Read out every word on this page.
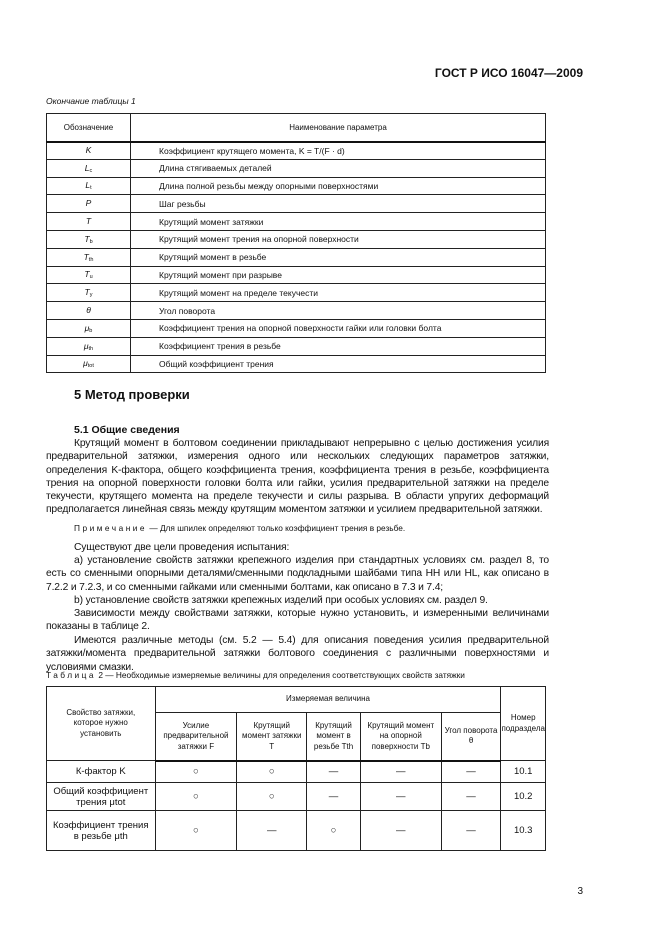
ГОСТ Р ИСО 16047—2009
Окончание таблицы 1
Обозначение	Наименование параметра
K	Коэффициент крутящего момента, K = T/(F · d)
Lc	Длина стягиваемых деталей
Lt	Длина полной резьбы между опорными поверхностями
P	Шаг резьбы
T	Крутящий момент затяжки
Tb	Крутящий момент трения на опорной поверхности
Tth	Крутящий момент в резьбе
Tu	Крутящий момент при разрыве
Ty	Крутящий момент на пределе текучести
θ	Угол поворота
μb	Коэффициент трения на опорной поверхности гайки или головки болта
μth	Коэффициент трения в резьбе
μtot	Общий коэффициент трения
5 Метод проверки
5.1 Общие сведения
Крутящий момент в болтовом соединении прикладывают непрерывно с целью достижения усилия предварительной затяжки, измерения одного или нескольких следующих параметров затяжки, определения K-фактора, общего коэффициента трения, коэффициента трения в резьбе, коэффициента трения на опорной поверхности головки болта или гайки, усилия предварительной затяжки на пределе текучести, крутящего момента на пределе текучести и силы разрыва. В области упругих деформаций предполагается линейная связь между крутящим моментом затяжки и усилием предварительной затяжки.
Примечание — Для шпилек определяют только коэффициент трения в резьбе.
Существуют две цели проведения испытания:
a) установление свойств затяжки крепежного изделия при стандартных условиях см. раздел 8, то есть со сменными опорными деталями/сменными подкладными шайбами типа HH или HL, как описано в 7.2.2 и 7.2.3, и со сменными гайками или сменными болтами, как описано в 7.3 и 7.4;
b) установление свойств затяжки крепежных изделий при особых условиях см. раздел 9.
Зависимости между свойствами затяжки, которые нужно установить, и измеренными величинами показаны в таблице 2.
Имеются различные методы (см. 5.2 — 5.4) для описания поведения усилия предварительной затяжки/момента предварительной затяжки болтового соединения с различными поверхностями и условиями смазки.
Таблица 2 — Необходимые измеряемые величины для определения соответствующих свойств затяжки
Свойство затяжки, которое нужно установить	Измеряемая величина					Номер подраздела
	Усилие предварительной затяжки F	Крутящий момент затяжки T	Крутящий момент в резьбе Tth	Крутящий момент на опорной поверхности Tb	Угол поворота θ	
К-фактор K	○	○	—	—	—	10.1
Общий коэффициент трения μtot	○	○	—	—	—	10.2
Коэффициент трения в резьбе μth	○	—	○	—	—	10.3
3
